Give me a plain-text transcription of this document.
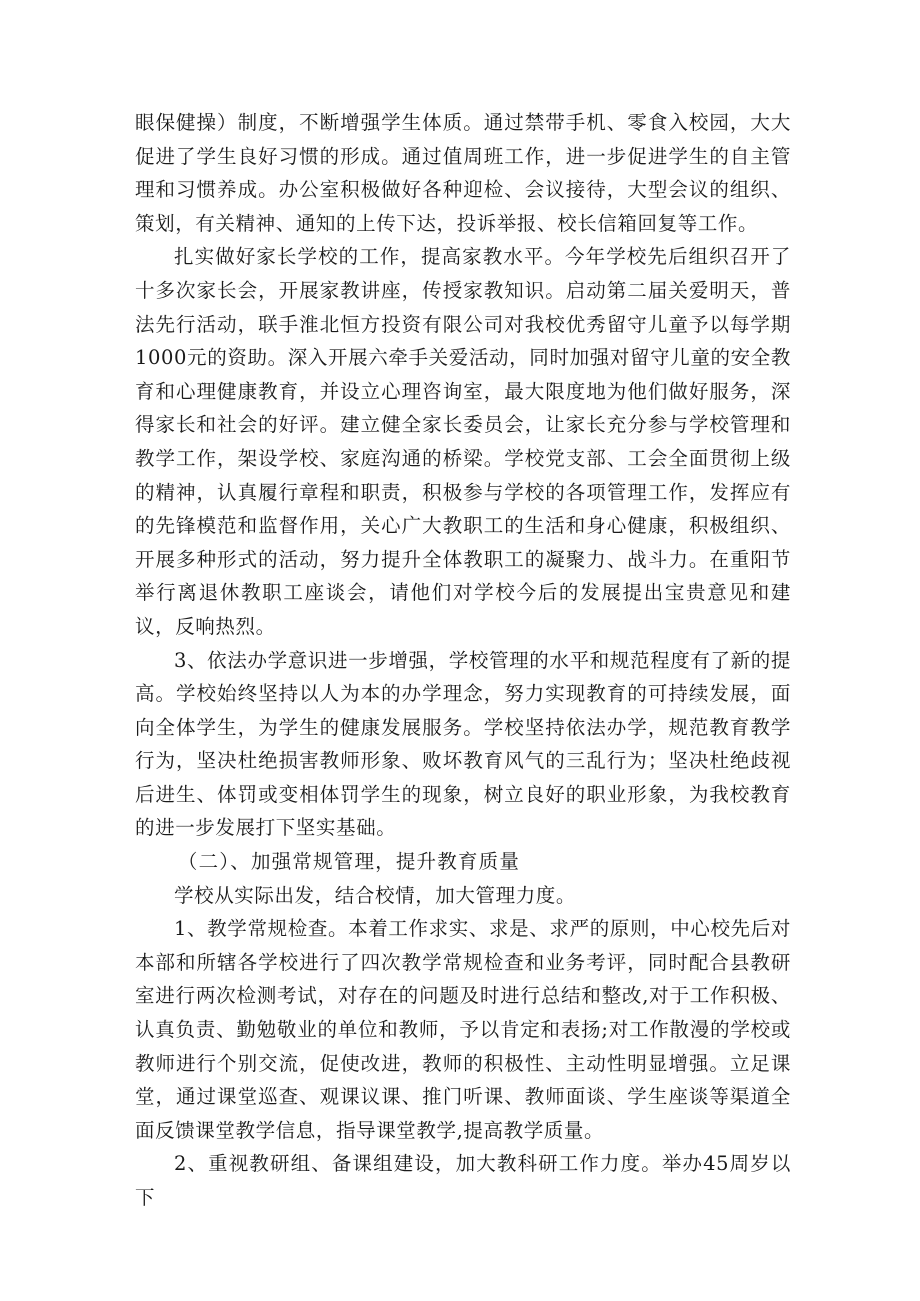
眼保健操）制度，不断增强学生体质。通过禁带手机、零食入校园，大大促进了学生良好习惯的形成。通过值周班工作，进一步促进学生的自主管理和习惯养成。办公室积极做好各种迎检、会议接待，大型会议的组织、策划，有关精神、通知的上传下达，投诉举报、校长信箱回复等工作。

扎实做好家长学校的工作，提高家教水平。今年学校先后组织召开了十多次家长会，开展家教讲座，传授家教知识。启动第二届关爱明天，普法先行活动，联手淮北恒方投资有限公司对我校优秀留守儿童予以每学期1000元的资助。深入开展六牵手关爱活动，同时加强对留守儿童的安全教育和心理健康教育，并设立心理咨询室，最大限度地为他们做好服务，深得家长和社会的好评。建立健全家长委员会，让家长充分参与学校管理和教学工作，架设学校、家庭沟通的桥梁。学校党支部、工会全面贯彻上级的精神，认真履行章程和职责，积极参与学校的各项管理工作，发挥应有的先锋模范和监督作用，关心广大教职工的生活和身心健康，积极组织、开展多种形式的活动，努力提升全体教职工的凝聚力、战斗力。在重阳节举行离退休教职工座谈会，请他们对学校今后的发展提出宝贵意见和建议，反响热烈。

3、依法办学意识进一步增强，学校管理的水平和规范程度有了新的提高。学校始终坚持以人为本的办学理念，努力实现教育的可持续发展，面向全体学生，为学生的健康发展服务。学校坚持依法办学，规范教育教学行为，坚决杜绝损害教师形象、败坏教育风气的三乱行为；坚决杜绝歧视后进生、体罚或变相体罚学生的现象，树立良好的职业形象，为我校教育的进一步发展打下坚实基础。

（二）、加强常规管理，提升教育质量

学校从实际出发，结合校情，加大管理力度。

1、教学常规检查。本着工作求实、求是、求严的原则，中心校先后对本部和所辖各学校进行了四次教学常规检查和业务考评，同时配合县教研室进行两次检测考试，对存在的问题及时进行总结和整改,对于工作积极、认真负责、勤勉敬业的单位和教师，予以肯定和表扬;对工作散漫的学校或教师进行个别交流，促使改进，教师的积极性、主动性明显增强。立足课堂，通过课堂巡查、观课议课、推门听课、教师面谈、学生座谈等渠道全面反馈课堂教学信息，指导课堂教学,提高教学质量。

2、重视教研组、备课组建设，加大教科研工作力度。举办45周岁以下
